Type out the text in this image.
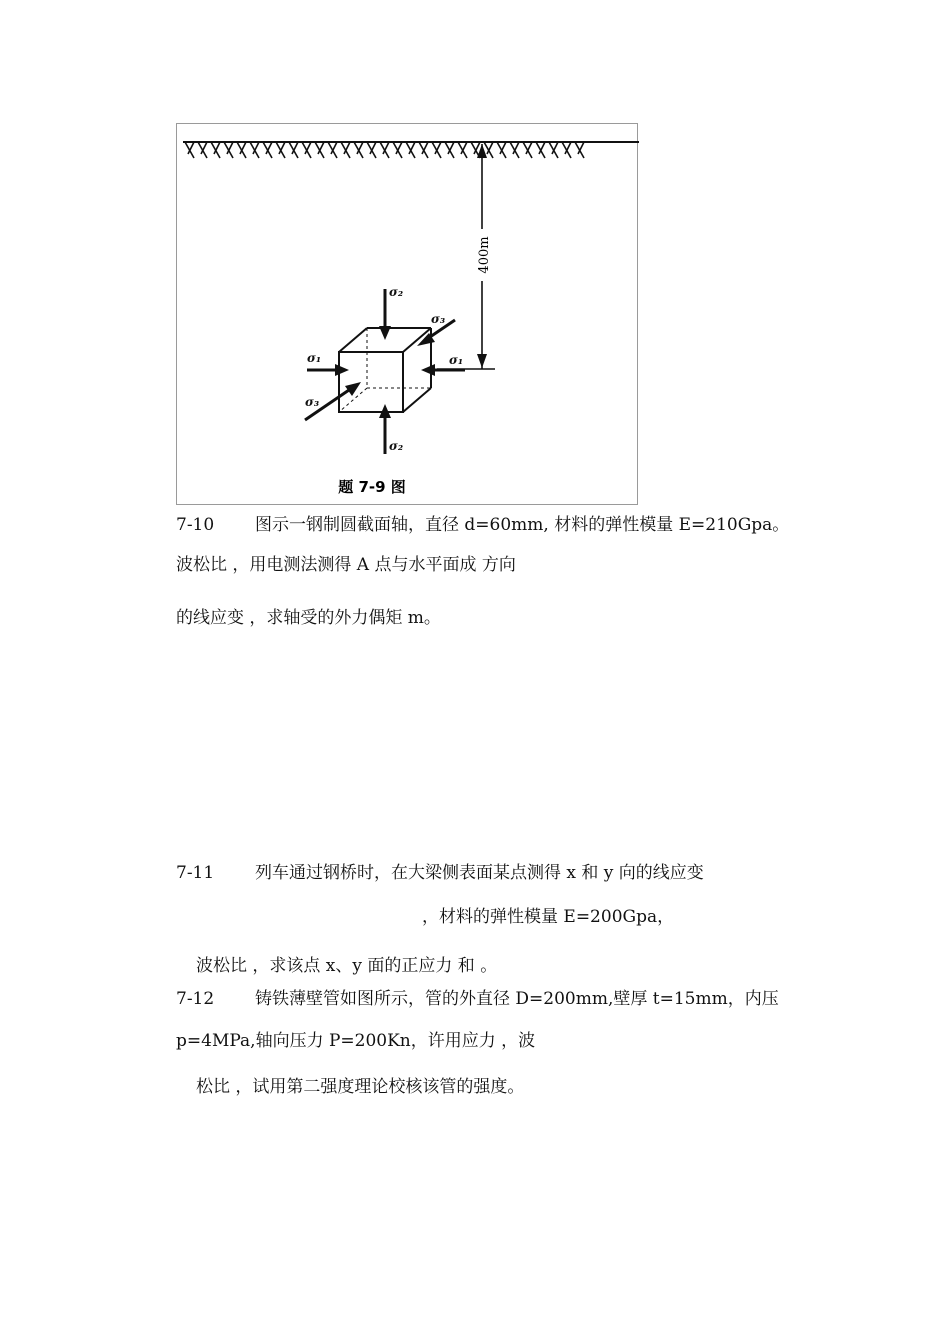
400m
σ₂
σ₂
σ₁	σ₁
σ₃
σ₃
题 7-9 图
7-10 图示一钢制圆截面轴，直径 d=60mm, 材料的弹性模量 E=210Gpa。
波松比 ，用电测法测得 A 点与水平面成 方向
的线应变 ，求轴受的外力偶矩 m。
7-11 列车通过钢桥时，在大梁侧表面某点测得 x 和 y 向的线应变
，材料的弹性模量 E=200Gpa，
波松比 ，求该点 x、y 面的正应力 和 。
7-12 铸铁薄壁管如图所示，管的外直径 D=200mm,壁厚 t=15mm，内压
p=4MPa,轴向压力 P=200Kn，许用应力 ，波
松比 ，试用第二强度理论校核该管的强度。
